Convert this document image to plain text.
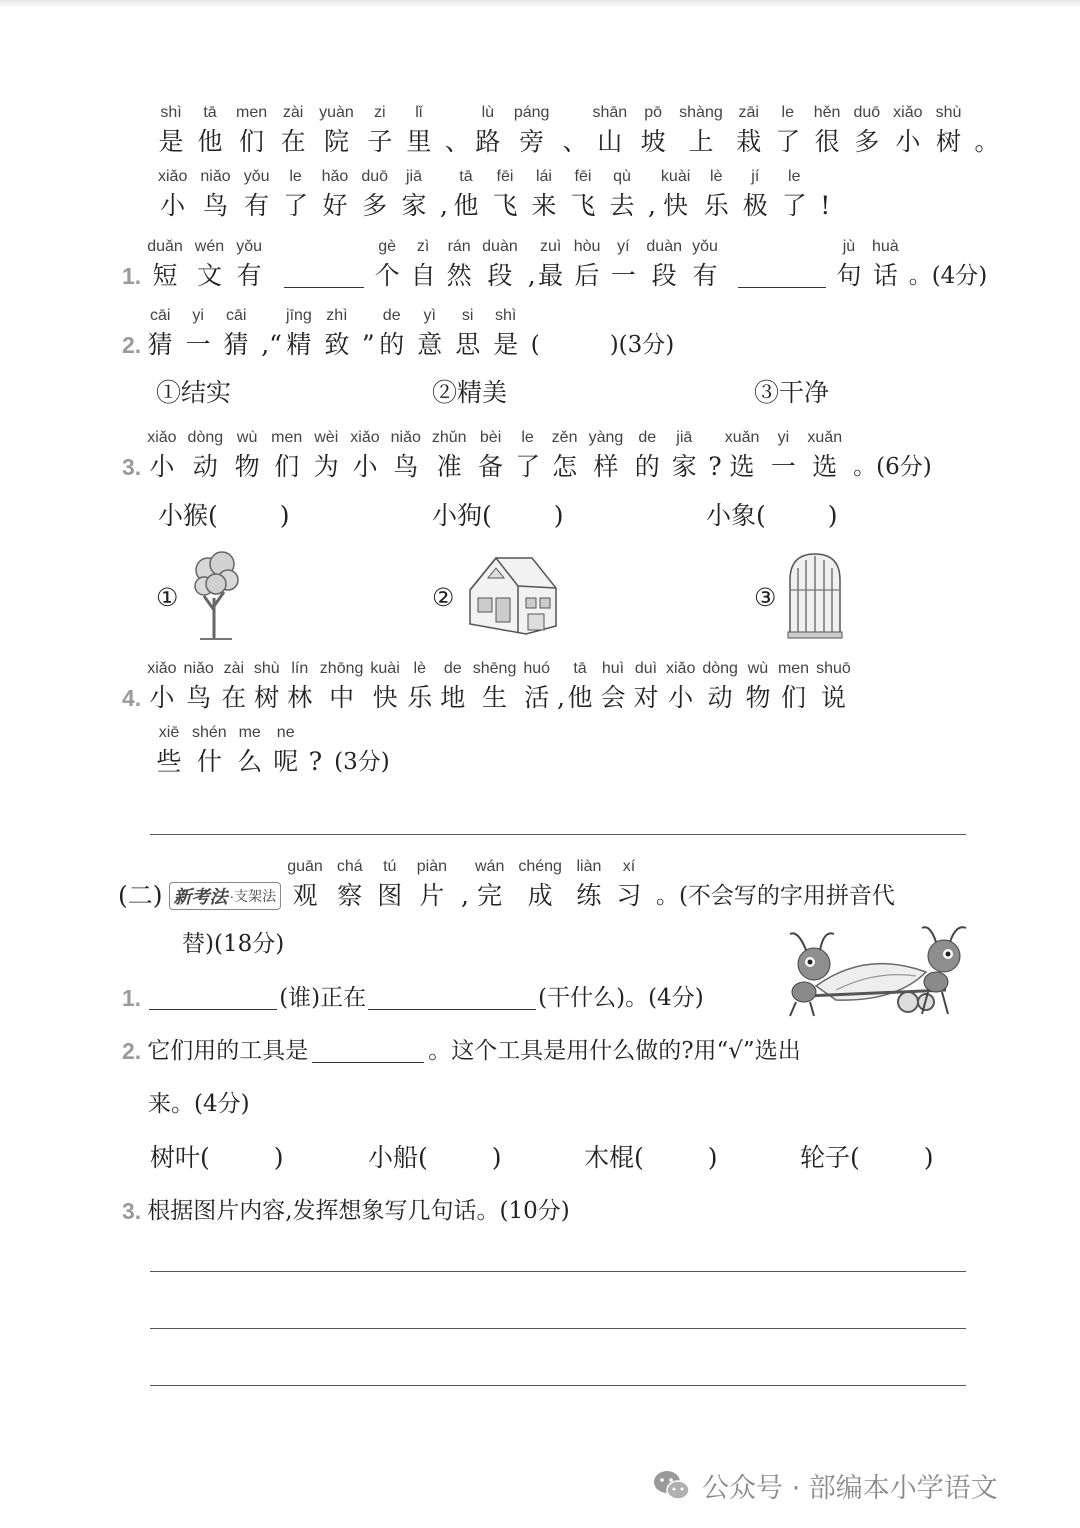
shì
是
tā
他
men
们
zài
在
yuàn
院
zi
子
lǐ
里 、
lù
路
páng
旁 、
shān
山
pō
坡
shàng
上
zāi
栽
le
了
hěn
很
duō
多
xiǎo
小
shù
树 。
xiǎo
小
niǎo
鸟
yǒu
有
le
了
hǎo
好
duō
多
jiā
家 ,
tā
他
fēi
飞
lái
来
fēi
飞
qù
去 ,
kuài
快
lè
乐
jí
极
le
了 !
1.
duǎn
短
wén
文
yǒu
有
gè
个
zì
自
rán
然
duàn
段 ,
zuì
最
hòu
后
yí
一
duàn
段
yǒu
有
jù
句
huà
话 。(4分)
2.
cāi
猜
yi
一
cāi
猜 ,“
jīng
精
zhì
致 ”
de
的
yì
意
si
思
shì
是 (	)(3分)
①结实	②精美	③干净
3.
xiǎo
小
dòng
动
wù
物
men
们
wèi
为
xiǎo
小
niǎo
鸟
zhǔn
准
bèi
备
le
了
zěn
怎
yàng
样
de
的
jiā
家 ?
xuǎn
选
yi
一
xuǎn
选 。(6分)
小猴( )	小狗( )	小象( )
①	②	③
4.
xiǎo
小
niǎo
鸟
zài
在
shù
树
lín
林
zhōng
中
kuài
快
lè
乐
de
地
shēng
生
huó
活 ,
tā
他
huì
会
duì
对
xiǎo
小
dòng
动
wù
物
men
们
shuō
说
xiē
些
shén
什
me
么
ne
呢 ? (3分)
(二) 新考法 ·支架法
guān
观
chá
察
tú
图
piàn
片 ,
wán
完
chéng
成
liàn
练
xí
习 。(不会写的字用拼音代
替)(18分)
1.	(谁)正在	(干什么)。(4分)
2. 它们用的工具是	。这个工具是用什么做的?用“√”选出
来。(4分)
树叶(	)	小船(	)	木棍(	)	轮子(	)
3. 根据图片内容,发挥想象写几句话。(10分)
公众号 · 部编本小学语文
